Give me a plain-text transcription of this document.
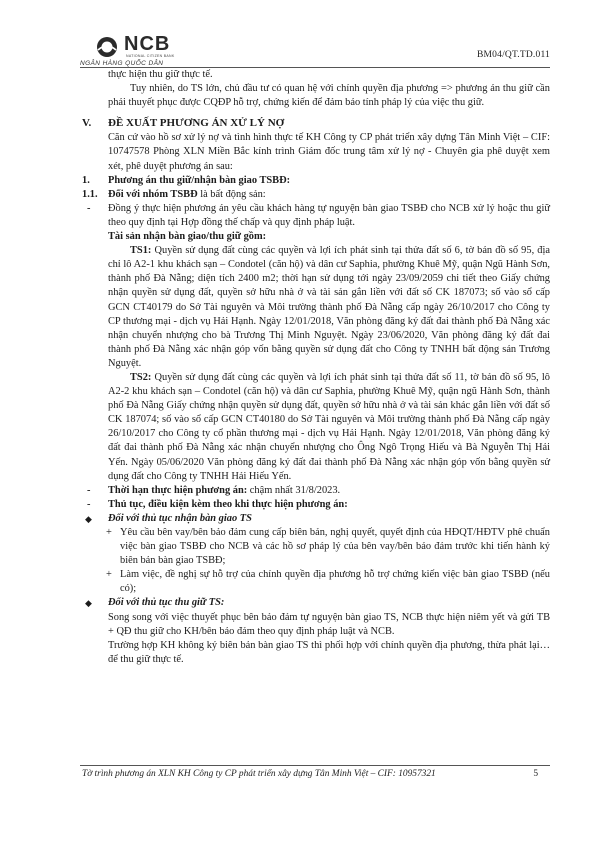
NCB
NATIONAL CITIZEN BANK
NGÂN HÀNG QUỐC DÂN
BM04/QT.TD.011

thực hiện thu giữ thực tế.

Tuy nhiên, do TS lớn, chủ đầu tư có quan hệ với chính quyền địa phương => phương án thu giữ cần phải thuyết phục được CQĐP hỗ trợ, chứng kiến để đảm bảo tính pháp lý của việc thu giữ.

V. ĐỀ XUẤT PHƯƠNG ÁN XỬ LÝ NỢ

Căn cứ vào hồ sơ xử lý nợ và tình hình thực tế KH Công ty CP phát triển xây dựng Tân Minh Việt – CIF: 10747578 Phòng XLN Miền Bắc kính trình Giám đốc trung tâm xử lý nợ - Chuyên gia phê duyệt xem xét, phê duyệt phương án sau:

1. Phương án thu giữ/nhận bàn giao TSBĐ:
1.1. Đối với nhóm TSBĐ là bất động sản:
- Đồng ý thực hiện phương án yêu cầu khách hàng tự nguyện bàn giao TSBĐ cho NCB xử lý hoặc thu giữ theo quy định tại Hợp đồng thế chấp và quy định pháp luật.

Tài sản nhận bàn giao/thu giữ gồm:

TS1: Quyền sử dụng đất cùng các quyền và lợi ích phát sinh tại thửa đất số 6, tờ bản đồ số 95, địa chỉ lô A2-1 khu khách sạn – Condotel (căn hộ) và dân cư Saphia, phường Khuê Mỹ, quận Ngũ Hành Sơn, thành phố Đà Nẵng; diện tích 2400 m2; thời hạn sử dụng tới ngày 23/09/2059 chi tiết theo Giấy chứng nhận quyền sử dụng đất, quyền sở hữu nhà ở và tài sản gắn liền với đất số CK 187073; số vào sổ cấp GCN CT40179 do Sở Tài nguyên và Môi trường thành phố Đà Nẵng cấp ngày 26/10/2017 cho Công ty CP thương mại - dịch vụ Hải Hạnh. Ngày 12/01/2018, Văn phòng đăng ký đất đai thành phố Đà Nẵng xác nhận chuyển nhượng cho bà Trương Thị Minh Nguyệt. Ngày 23/06/2020, Văn phòng đăng ký đất đai thành phố Đà Nẵng xác nhận góp vốn bằng quyền sử dụng đất cho Công ty TNHH bất động sản Trương Nguyệt.

TS2: Quyền sử dụng đất cùng các quyền và lợi ích phát sinh tại thửa đất số 11, tờ bản đồ số 95, lô A2-2 khu khách sạn – Condotel (căn hộ) và dân cư Saphia, phường Khuê Mỹ, quận ngũ Hành Sơn, thành phố Đà Nẵng Giấy chứng nhận quyền sử dụng đất, quyền sở hữu nhà ở và tài sản khác gắn liền với đất số CK 187074; số vào sổ cấp GCN CT40180 do Sở Tài nguyên và Môi trường thành phố Đà Nẵng cấp ngày 26/10/2017 cho Công ty cổ phần thương mại - dịch vụ Hải Hạnh. Ngày 12/01/2018, Văn phòng đăng ký đất đai thành phố Đà Nẵng xác nhận chuyển nhượng cho Ông Ngô Trọng Hiếu và Bà Nguyễn Thị Hải Yến. Ngày 05/06/2020 Văn phòng đăng ký đất đai thành phố Đà Nẵng xác nhận góp vốn bằng quyền sử dụng đất cho Công ty TNHH Hải Hiếu Yến.

- Thời hạn thực hiện phương án: chậm nhất 31/8/2023.
- Thủ tục, điều kiện kèm theo khi thực hiện phương án:
◆ Đối với thủ tục nhận bàn giao TS
+ Yêu cầu bên vay/bên bảo đảm cung cấp biên bản, nghị quyết, quyết định của HĐQT/HĐTV phê chuẩn việc bàn giao TSBĐ cho NCB và các hồ sơ pháp lý của bên vay/bên bảo đảm trước khi tiến hành ký biên bản bàn giao TSBĐ;

+ Làm việc, đề nghị sự hỗ trợ của chính quyền địa phương hỗ trợ chứng kiến việc bàn giao TSBĐ (nếu có);

◆ Đối với thủ tục thu giữ TS:

Song song với việc thuyết phục bên bảo đảm tự nguyện bàn giao TS, NCB thực hiện niêm yết và gửi TB + QĐ thu giữ cho KH/bên bảo đảm theo quy định pháp luật và NCB.

Trường hợp KH không ký biên bản bàn giao TS thì phối hợp với chính quyền địa phương, thừa phát lại… để thu giữ thực tế.

Tờ trình phương án XLN KH Công ty CP phát triển xây dựng Tân Minh Việt – CIF: 10957321	5
